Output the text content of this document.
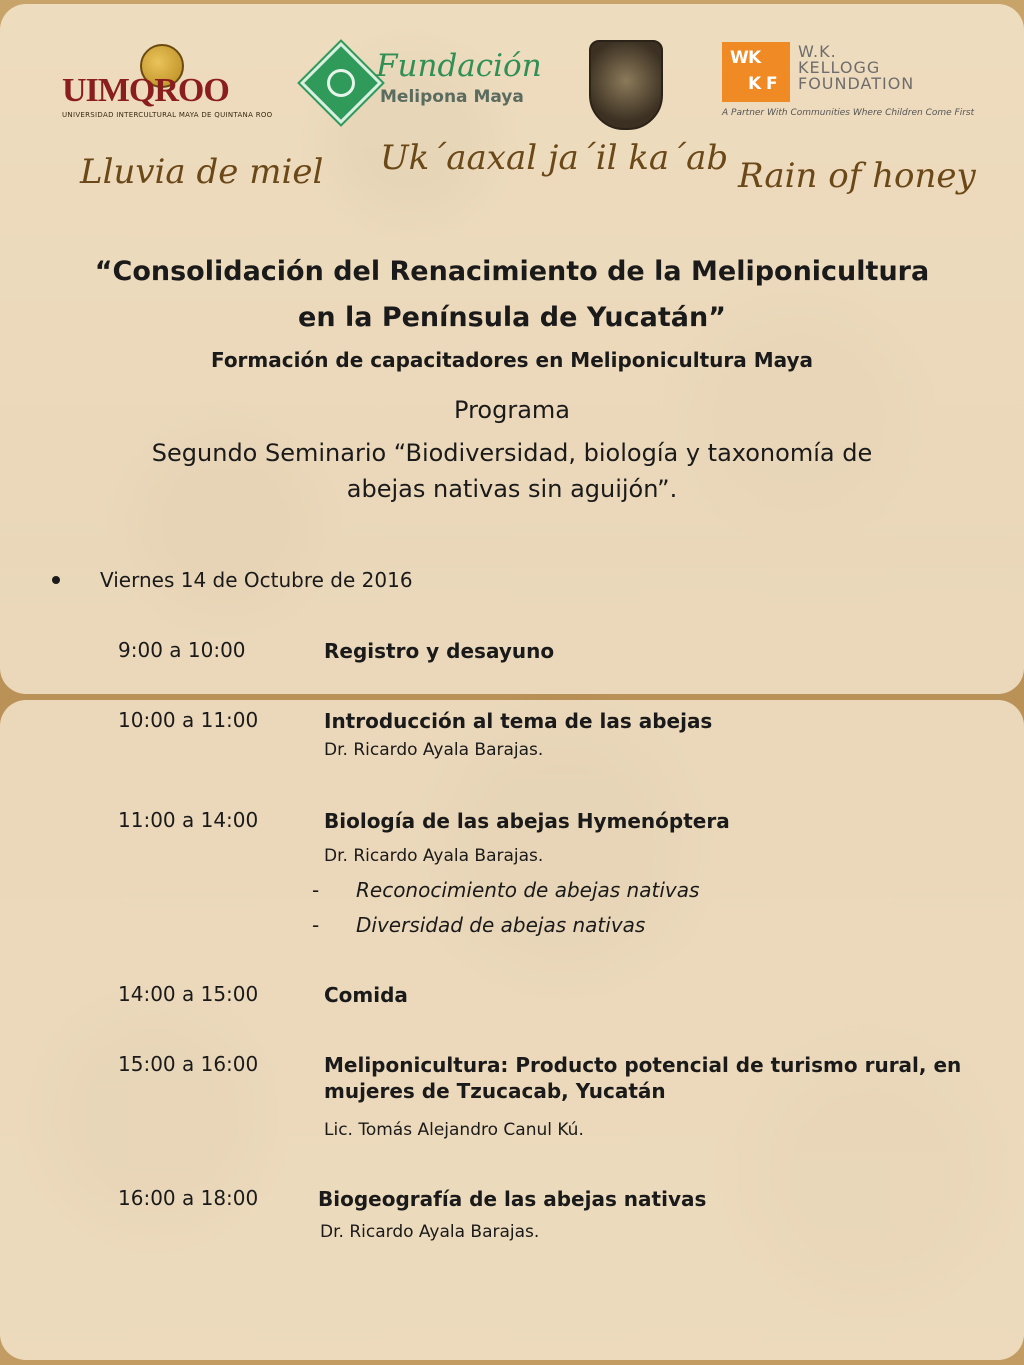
UIMQROO
UNIVERSIDAD INTERCULTURAL MAYA DE QUINTANA ROO
Fundación
Melipona Maya
W K
K F
W.K.
KELLOGG
FOUNDATION
A Partner With Communities Where Children Come First
Lluvia de miel Uk´aaxal ja´il ka´ab Rain of honey
“Consolidación del Renacimiento de la Meliponicultura
en la Península de Yucatán”
Formación de capacitadores en Meliponicultura Maya
Programa
Segundo Seminario “Biodiversidad, biología y taxonomía de
abejas nativas sin aguijón”.
Viernes 14 de Octubre de 2016
9:00 a 10:00	Registro y desayuno
10:00 a 11:00	Introducción al tema de las abejas
Dr. Ricardo Ayala Barajas.
11:00 a 14:00	Biología de las abejas Hymenóptera
Dr. Ricardo Ayala Barajas.
- Reconocimiento de abejas nativas
- Diversidad de abejas nativas
14:00 a 15:00	Comida
15:00 a 16:00	Meliponicultura: Producto potencial de turismo rural, en mujeres de Tzucacab, Yucatán
Lic. Tomás Alejandro Canul Kú.
16:00 a 18:00	Biogeografía de las abejas nativas
Dr. Ricardo Ayala Barajas.
